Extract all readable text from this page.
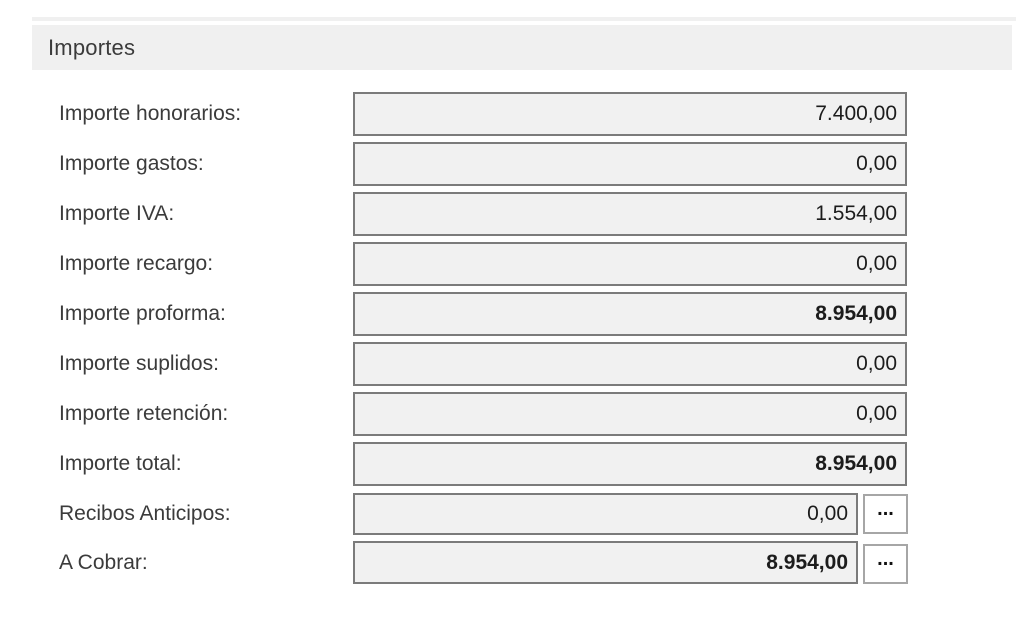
Importes
Importe honorarios:
7.400,00
Importe gastos:
0,00
Importe IVA:
1.554,00
Importe recargo:
0,00
Importe proforma:
8.954,00
Importe suplidos:
0,00
Importe retención:
0,00
Importe total:
8.954,00
Recibos Anticipos:
0,00	...
A Cobrar:
8.954,00	...
